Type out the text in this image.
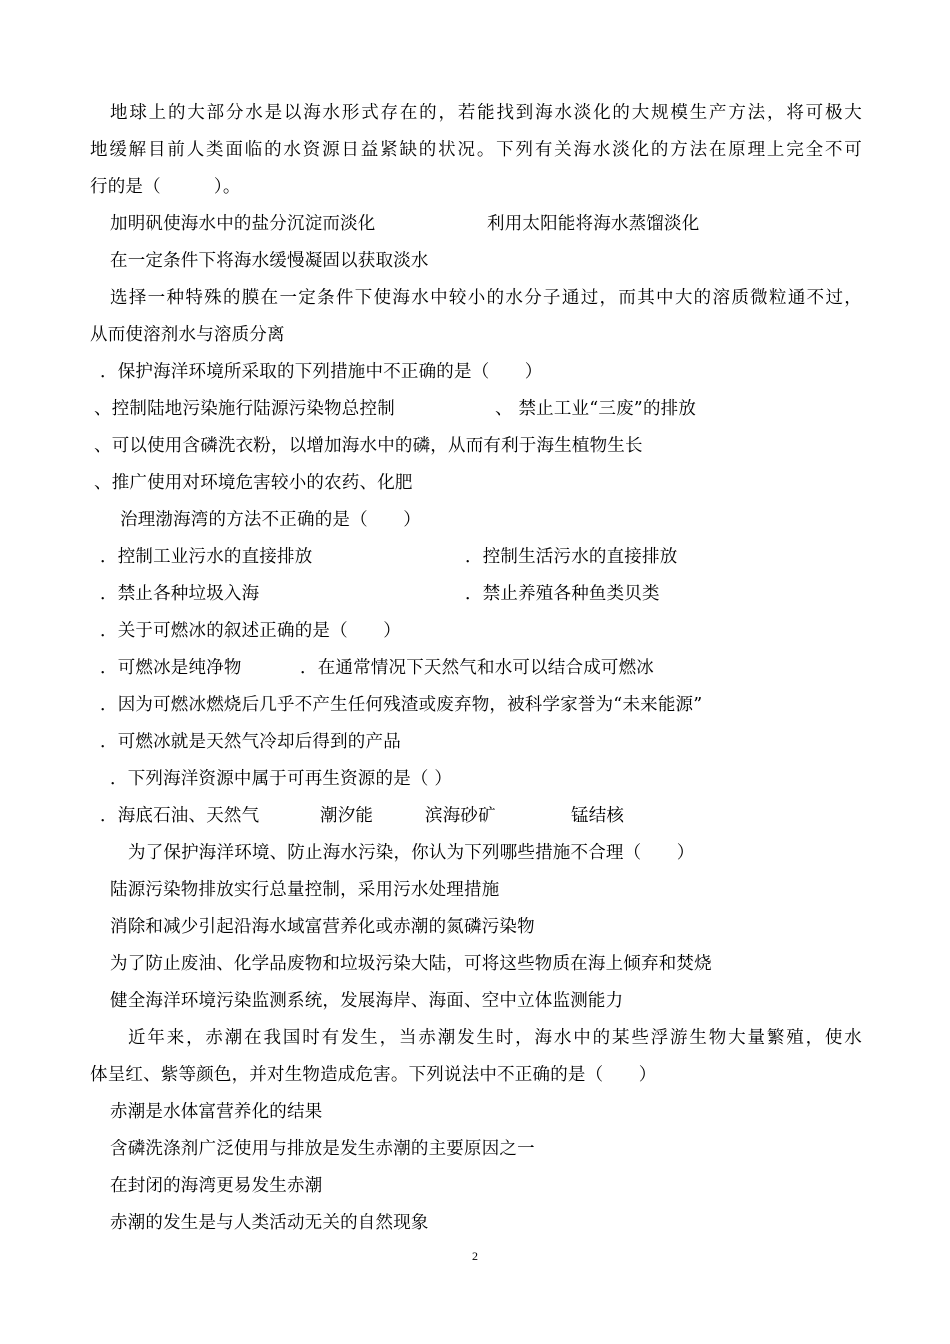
地球上的大部分水是以海水形式存在的，若能找到海水淡化的大规模生产方法，将可极大
地缓解目前人类面临的水资源日益紧缺的状况。下列有关海水淡化的方法在原理上完全不可
行的是（　　　）。
加明矾使海水中的盐分沉淀而淡化	利用太阳能将海水蒸馏淡化
在一定条件下将海水缓慢凝固以获取淡水
选择一种特殊的膜在一定条件下使海水中较小的水分子通过，而其中大的溶质微粒通不过，
从而使溶剂水与溶质分离
．保护海洋环境所采取的下列措施中不正确的是（　　）
、控制陆地污染施行陆源污染物总控制	、 禁止工业“三废”的排放
、可以使用含磷洗衣粉，以增加海水中的磷，从而有利于海生植物生长
、推广使用对环境危害较小的农药、化肥
治理渤海湾的方法不正确的是（　　）
．控制工业污水的直接排放	．控制生活污水的直接排放
．禁止各种垃圾入海	．禁止养殖各种鱼类贝类
．关于可燃冰的叙述正确的是（　　）
．可燃冰是纯净物	．在通常情况下天然气和水可以结合成可燃冰
．因为可燃冰燃烧后几乎不产生任何残渣或废弃物，被科学家誉为“未来能源”
．可燃冰就是天然气冷却后得到的产品
．下列海洋资源中属于可再生资源的是（ ）
．海底石油、天然气	潮汐能	滨海砂矿	锰结核
为了保护海洋环境、防止海水污染，你认为下列哪些措施不合理（　　）
陆源污染物排放实行总量控制，采用污水处理措施
消除和减少引起沿海水域富营养化或赤潮的氮磷污染物
为了防止废油、化学品废物和垃圾污染大陆，可将这些物质在海上倾弃和焚烧
健全海洋环境污染监测系统，发展海岸、海面、空中立体监测能力
近年来，赤潮在我国时有发生，当赤潮发生时，海水中的某些浮游生物大量繁殖，使水
体呈红、紫等颜色，并对生物造成危害。下列说法中不正确的是（　　）
赤潮是水体富营养化的结果
含磷洗涤剂广泛使用与排放是发生赤潮的主要原因之一
在封闭的海湾更易发生赤潮
赤潮的发生是与人类活动无关的自然现象
2
